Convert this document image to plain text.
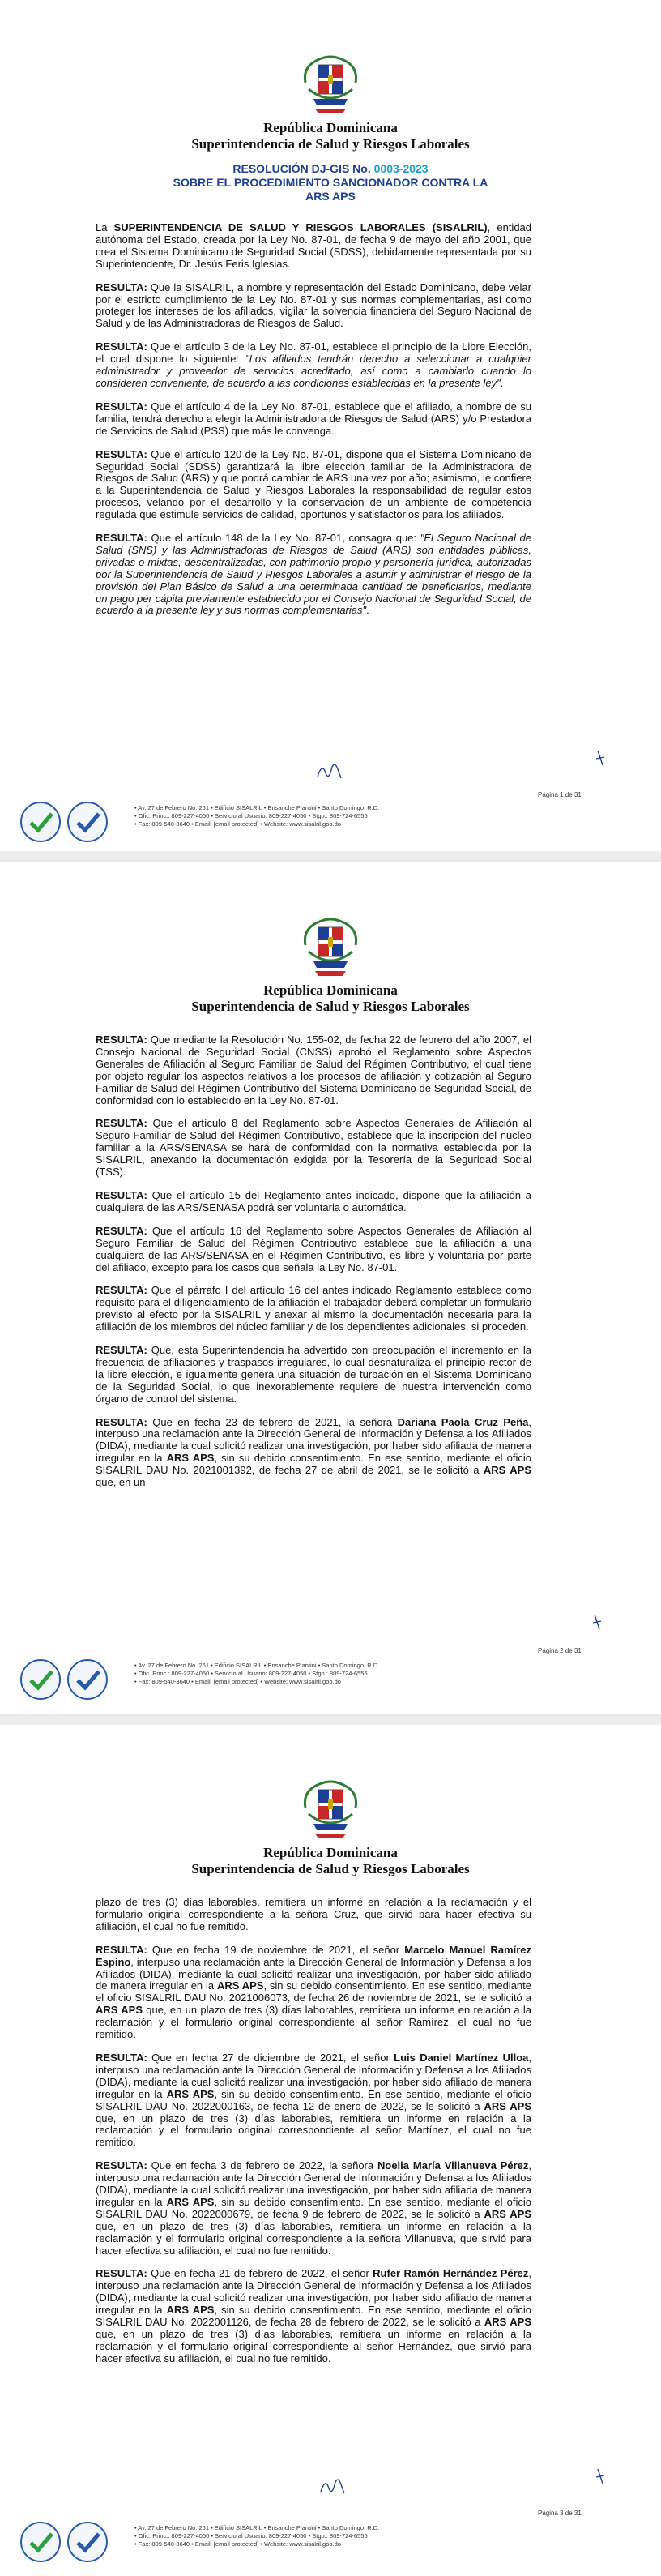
República Dominicana
Superintendencia de Salud y Riesgos Laborales
RESOLUCIÓN DJ-GIS No. 0003-2023
SOBRE EL PROCEDIMIENTO SANCIONADOR CONTRA LA
ARS APS

La SUPERINTENDENCIA DE SALUD Y RIESGOS LABORALES (SISALRIL), entidad autónoma del Estado, creada por la Ley No. 87-01, de fecha 9 de mayo del año 2001, que crea el Sistema Dominicano de Seguridad Social (SDSS), debidamente representada por su Superintendente, Dr. Jesús Feris Iglesias.

RESULTA: Que la SISALRIL, a nombre y representación del Estado Dominicano, debe velar por el estricto cumplimiento de la Ley No. 87-01 y sus normas complementarias, así como proteger los intereses de los afiliados, vigilar la solvencia financiera del Seguro Nacional de Salud y de las Administradoras de Riesgos de Salud.

RESULTA: Que el artículo 3 de la Ley No. 87-01, establece el principio de la Libre Elección, el cual dispone lo siguiente: "Los afiliados tendrán derecho a seleccionar a cualquier administrador y proveedor de servicios acreditado, así como a cambiarlo cuando lo consideren conveniente, de acuerdo a las condiciones establecidas en la presente ley".

RESULTA: Que el artículo 4 de la Ley No. 87-01, establece que el afiliado, a nombre de su familia, tendrá derecho a elegir la Administradora de Riesgos de Salud (ARS) y/o Prestadora de Servicios de Salud (PSS) que más le convenga.

RESULTA: Que el artículo 120 de la Ley No. 87-01, dispone que el Sistema Dominicano de Seguridad Social (SDSS) garantizará la libre elección familiar de la Administradora de Riesgos de Salud (ARS) y que podrá cambiar de ARS una vez por año; asimismo, le confiere a la Superintendencia de Salud y Riesgos Laborales la responsabilidad de regular estos procesos, velando por el desarrollo y la conservación de un ambiente de competencia regulada que estimule servicios de calidad, oportunos y satisfactorios para los afiliados.

RESULTA: Que el artículo 148 de la Ley No. 87-01, consagra que: "El Seguro Nacional de Salud (SNS) y las Administradoras de Riesgos de Salud (ARS) son entidades públicas, privadas o mixtas, descentralizadas, con patrimonio propio y personería jurídica, autorizadas por la Superintendencia de Salud y Riesgos Laborales a asumir y administrar el riesgo de la provisión del Plan Básico de Salud a una determinada cantidad de beneficiarios, mediante un pago per cápita previamente establecido por el Consejo Nacional de Seguridad Social, de acuerdo a la presente ley y sus normas complementarias".

Página 1 de 31
• Av. 27 de Febrero No. 261 • Edificio SISALRIL • Ensanche Piantini • Santo Domingo, R.D.
• Ofic. Princ.: 809-227-4050 • Servicio al Usuario: 809-227-4050 • Stgo.: 809-724-6556
• Fax: 809-540-3640 • Email: [email protected] • Website: www.sisalril.gob.do
República Dominicana
Superintendencia de Salud y Riesgos Laborales

RESULTA: Que mediante la Resolución No. 155-02, de fecha 22 de febrero del año 2007, el Consejo Nacional de Seguridad Social (CNSS) aprobó el Reglamento sobre Aspectos Generales de Afiliación al Seguro Familiar de Salud del Régimen Contributivo, el cual tiene por objeto regular los aspectos relativos a los procesos de afiliación y cotización al Seguro Familiar de Salud del Régimen Contributivo del Sistema Dominicano de Seguridad Social, de conformidad con lo establecido en la Ley No. 87-01.

RESULTA: Que el artículo 8 del Reglamento sobre Aspectos Generales de Afiliación al Seguro Familiar de Salud del Régimen Contributivo, establece que la inscripción del núcleo familiar a la ARS/SENASA se hará de conformidad con la normativa establecida por la SISALRIL, anexando la documentación exigida por la Tesorería de la Seguridad Social (TSS).

RESULTA: Que el artículo 15 del Reglamento antes indicado, dispone que la afiliación a cualquiera de las ARS/SENASA podrá ser voluntaria o automática.

RESULTA: Que el artículo 16 del Reglamento sobre Aspectos Generales de Afiliación al Seguro Familiar de Salud del Régimen Contributivo establece que la afiliación a una cualquiera de las ARS/SENASA en el Régimen Contributivo, es libre y voluntaria por parte del afiliado, excepto para los casos que señala la Ley No. 87-01.

RESULTA: Que el párrafo I del artículo 16 del antes indicado Reglamento establece como requisito para el diligenciamiento de la afiliación el trabajador deberá completar un formulario previsto al efecto por la SISALRIL y anexar al mismo la documentación necesaria para la afiliación de los miembros del núcleo familiar y de los dependientes adicionales, si proceden.

RESULTA: Que, esta Superintendencia ha advertido con preocupación el incremento en la frecuencia de afiliaciones y traspasos irregulares, lo cual desnaturaliza el principio rector de la libre elección, e igualmente genera una situación de turbación en el Sistema Dominicano de la Seguridad Social, lo que inexorablemente requiere de nuestra intervención como órgano de control del sistema.

RESULTA: Que en fecha 23 de febrero de 2021, la señora Dariana Paola Cruz Peña, interpuso una reclamación ante la Dirección General de Información y Defensa a los Afiliados (DIDA), mediante la cual solicitó realizar una investigación, por haber sido afiliada de manera irregular en la ARS APS, sin su debido consentimiento. En ese sentido, mediante el oficio SISALRIL DAU No. 2021001392, de fecha 27 de abril de 2021, se le solicitó a ARS APS que, en un

Página 2 de 31
• Av. 27 de Febrero No. 261 • Edificio SISALRIL • Ensanche Piantini • Santo Domingo, R.D.
• Ofic. Princ.: 809-227-4050 • Servicio al Usuario: 809-227-4050 • Stgo.: 809-724-6556
• Fax: 809-540-3640 • Email: [email protected] • Website: www.sisalril.gob.do
República Dominicana
Superintendencia de Salud y Riesgos Laborales

plazo de tres (3) días laborables, remitiera un informe en relación a la reclamación y el formulario original correspondiente a la señora Cruz, que sirvió para hacer efectiva su afiliación, el cual no fue remitido.

RESULTA: Que en fecha 19 de noviembre de 2021, el señor Marcelo Manuel Ramírez Espino, interpuso una reclamación ante la Dirección General de Información y Defensa a los Afiliados (DIDA), mediante la cual solicitó realizar una investigación, por haber sido afiliado de manera irregular en la ARS APS, sin su debido consentimiento. En ese sentido, mediante el oficio SISALRIL DAU No. 2021006073, de fecha 26 de noviembre de 2021, se le solicitó a ARS APS que, en un plazo de tres (3) días laborables, remitiera un informe en relación a la reclamación y el formulario original correspondiente al señor Ramírez, el cual no fue remitido.

RESULTA: Que en fecha 27 de diciembre de 2021, el señor Luis Daniel Martínez Ulloa, interpuso una reclamación ante la Dirección General de Información y Defensa a los Afiliados (DIDA), mediante la cual solicitó realizar una investigación, por haber sido afiliado de manera irregular en la ARS APS, sin su debido consentimiento. En ese sentido, mediante el oficio SISALRIL DAU No. 2022000163, de fecha 12 de enero de 2022, se le solicitó a ARS APS que, en un plazo de tres (3) días laborables, remitiera un informe en relación a la reclamación y el formulario original correspondiente al señor Martínez, el cual no fue remitido.

RESULTA: Que en fecha 3 de febrero de 2022, la señora Noelia María Villanueva Pérez, interpuso una reclamación ante la Dirección General de Información y Defensa a los Afiliados (DIDA), mediante la cual solicitó realizar una investigación, por haber sido afiliada de manera irregular en la ARS APS, sin su debido consentimiento. En ese sentido, mediante el oficio SISALRIL DAU No. 2022000679, de fecha 9 de febrero de 2022, se le solicitó a ARS APS que, en un plazo de tres (3) días laborables, remitiera un informe en relación a la reclamación y el formulario original correspondiente a la señora Villanueva, que sirvió para hacer efectiva su afiliación, el cual no fue remitido.

RESULTA: Que en fecha 21 de febrero de 2022, el señor Rufer Ramón Hernández Pérez, interpuso una reclamación ante la Dirección General de Información y Defensa a los Afiliados (DIDA), mediante la cual solicitó realizar una investigación, por haber sido afiliado de manera irregular en la ARS APS, sin su debido consentimiento. En ese sentido, mediante el oficio SISALRIL DAU No. 2022001126, de fecha 28 de febrero de 2022, se le solicitó a ARS APS que, en un plazo de tres (3) días laborables, remitiera un informe en relación a la reclamación y el formulario original correspondiente al señor Hernández, que sirvió para hacer efectiva su afiliación, el cual no fue remitido.

Página 3 de 31
• Av. 27 de Febrero No. 261 • Edificio SISALRIL • Ensanche Piantini • Santo Domingo, R.D.
• Ofic. Princ.: 809-227-4050 • Servicio al Usuario: 809-227-4050 • Stgo.: 809-724-6556
• Fax: 809-540-3640 • Email: [email protected] • Website: www.sisalril.gob.do
